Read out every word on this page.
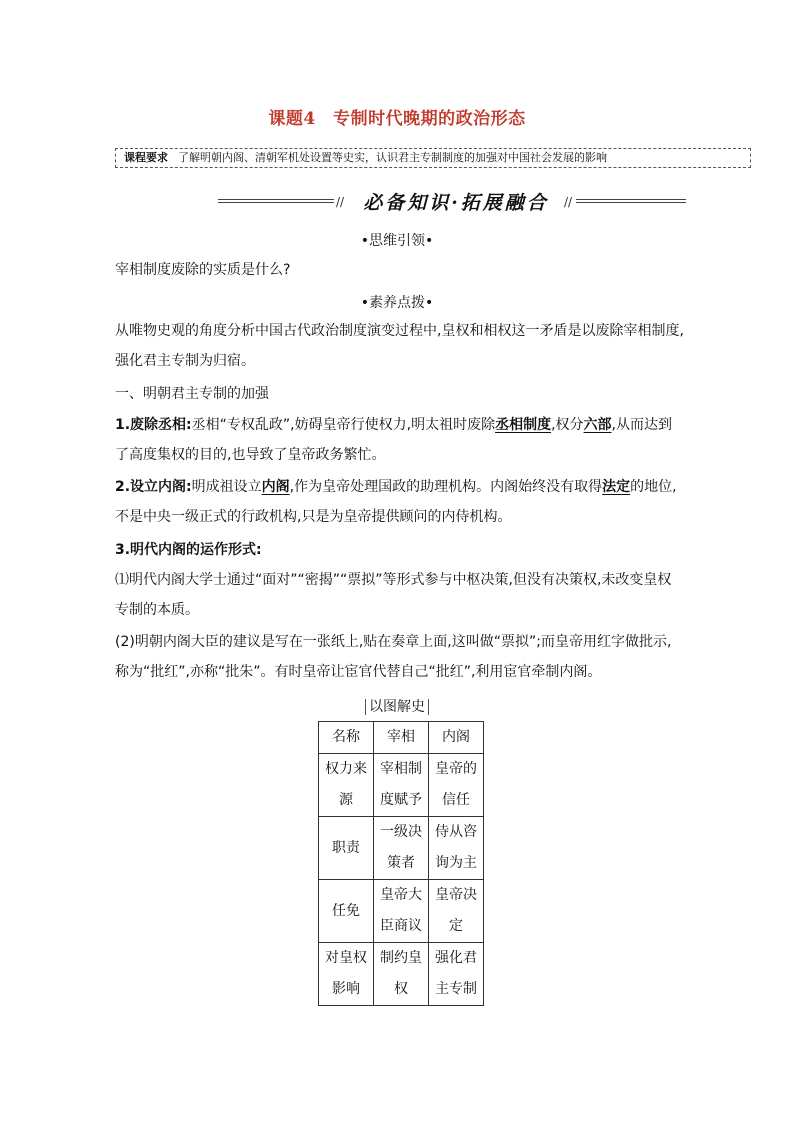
课题4　专制时代晚期的政治形态
课程要求 了解明朝内阁、清朝军机处设置等史实，认识君主专制制度的加强对中国社会发展的影响
//	必备知识·拓展融合	//
•思维引领•
宰相制度废除的实质是什么?
•素养点拨•
从唯物史观的角度分析中国古代政治制度演变过程中,皇权和相权这一矛盾是以废除宰相制度,强化君主专制为归宿。
一、明朝君主专制的加强
1.废除丞相:丞相“专权乱政”,妨碍皇帝行使权力,明太祖时废除丞相制度,权分六部,从而达到了高度集权的目的,也导致了皇帝政务繁忙。
2.设立内阁:明成祖设立内阁,作为皇帝处理国政的助理机构。内阁始终没有取得法定的地位,不是中央一级正式的行政机构,只是为皇帝提供顾问的内侍机构。
3.明代内阁的运作形式:
⑴明代内阁大学士通过“面对”“密揭”“票拟”等形式参与中枢决策,但没有决策权,未改变皇权专制的本质。
(2)明朝内阁大臣的建议是写在一张纸上,贴在奏章上面,这叫做“票拟”;而皇帝用红字做批示,称为“批红”,亦称“批朱”。有时皇帝让宦官代替自己“批红”,利用宦官牵制内阁。
以图解史
名称	宰相	内阁
权力来源	宰相制度赋予	皇帝的信任
职责	一级决策者	侍从咨询为主
任免	皇帝大臣商议	皇帝决定
对皇权影响	制约皇权	强化君主专制
